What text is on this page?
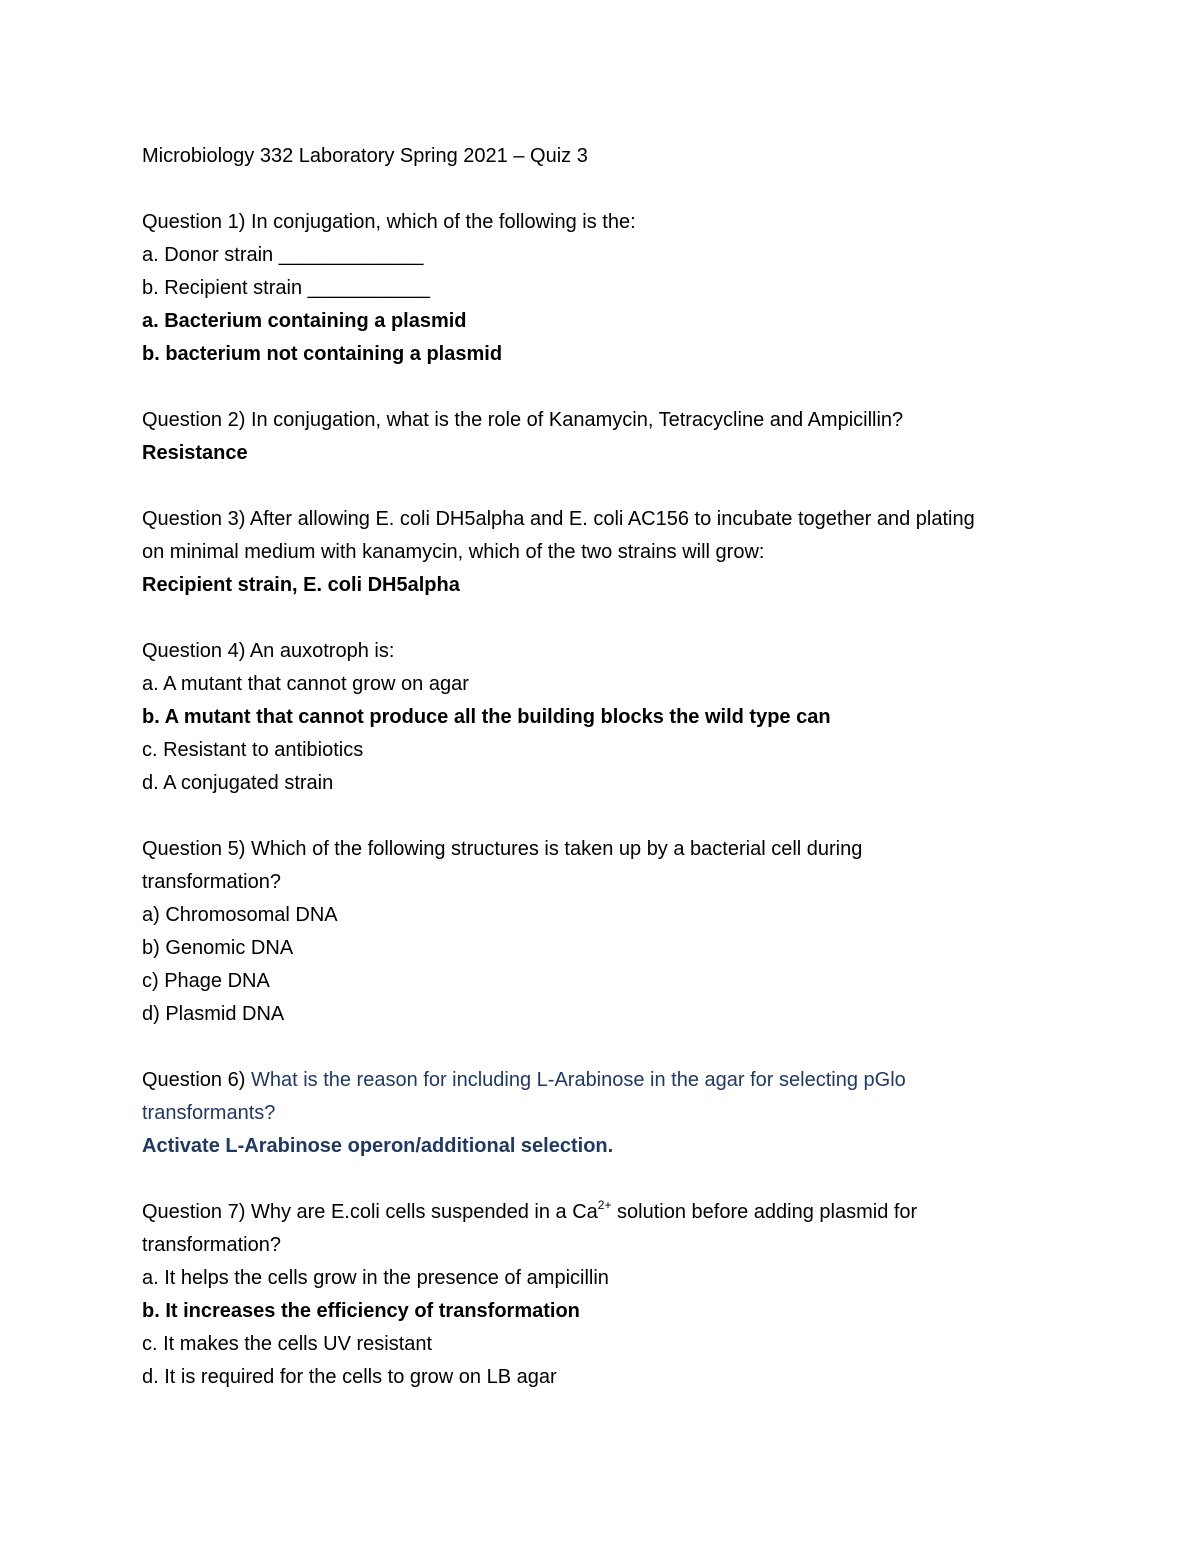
Microbiology 332 Laboratory Spring 2021 – Quiz 3
Question 1) In conjugation, which of the following is the:
a. Donor strain _____________
b. Recipient strain ___________
a. Bacterium containing a plasmid
b. bacterium not containing a plasmid
Question 2) In conjugation, what is the role of Kanamycin, Tetracycline and Ampicillin?
Resistance
Question 3) After allowing E. coli DH5alpha and E. coli AC156 to incubate together and plating
on minimal medium with kanamycin, which of the two strains will grow:
Recipient strain, E. coli DH5alpha
Question 4) An auxotroph is:
a. A mutant that cannot grow on agar
b. A mutant that cannot produce all the building blocks the wild type can
c. Resistant to antibiotics
d. A conjugated strain
Question 5) Which of the following structures is taken up by a bacterial cell during
transformation?
a) Chromosomal DNA
b) Genomic DNA
c) Phage DNA
d) Plasmid DNA
Question 6) What is the reason for including L-Arabinose in the agar for selecting pGlo
transformants?
Activate L-Arabinose operon/additional selection.
Question 7) Why are E.coli cells suspended in a $Ca^{2+}$ solution before adding plasmid for
transformation?
a. It helps the cells grow in the presence of ampicillin
b. It increases the efficiency of transformation
c. It makes the cells UV resistant
d. It is required for the cells to grow on LB agar
